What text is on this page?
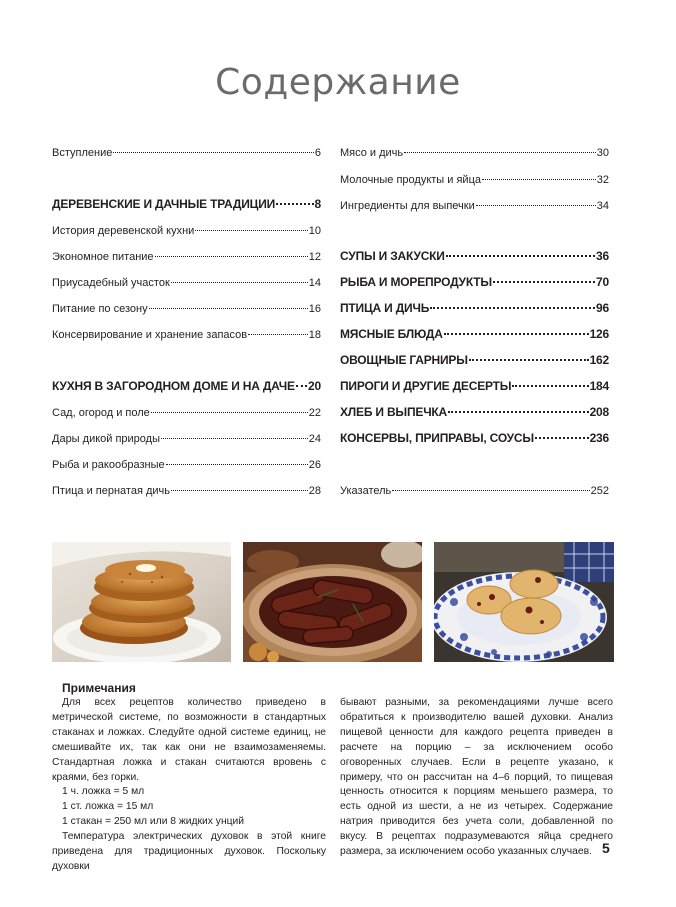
Содержание
Вступление	6
ДЕРЕВЕНСКИЕ И ДАЧНЫЕ ТРАДИЦИИ	8
История деревенской кухни	10
Экономное питание	12
Приусадебный участок	14
Питание по сезону	16
Консервирование и хранение запасов	18
КУХНЯ В ЗАГОРОДНОМ ДОМЕ И НА ДАЧЕ 20
Сад, огород и поле	22
Дары дикой природы	24
Рыба и ракообразные	26
Птица и пернатая дичь	28
Мясо и дичь	30
Молочные продукты и яйца	32
Ингредиенты для выпечки	34
СУПЫ И ЗАКУСКИ	36
РЫБА И МОРЕПРОДУКТЫ	70
ПТИЦА И ДИЧЬ	96
МЯСНЫЕ БЛЮДА	126
ОВОЩНЫЕ ГАРНИРЫ	162
ПИРОГИ И ДРУГИЕ ДЕСЕРТЫ	184
ХЛЕБ И ВЫПЕЧКА	208
КОНСЕРВЫ, ПРИПРАВЫ, СОУСЫ	236
Указатель	252
Примечания

Для всех рецептов количество приведено в метрической системе, по возможности в стандартных стаканах и ложках. Следуйте одной системе единиц, не смешивайте их, так как они не взаимозаменяемы. Стандартная ложка и стакан считаются вровень с краями, без горки.

1 ч. ложка = 5 мл

1 ст. ложка = 15 мл

1 стакан = 250 мл или 8 жидких унций

Температура электрических духовок в этой книге приведена для традиционных духовок. Поскольку духовки

бывают разными, за рекомендациями лучше всего обратиться к производителю вашей духовки. Анализ пищевой ценности для каждого рецепта приведен в расчете на порцию – за исключением особо оговоренных случаев. Если в рецепте указано, к примеру, что он рассчитан на 4–6 порций, то пищевая ценность относится к порциям меньшего размера, то есть одной из шести, а не из четырех. Содержание натрия приводится без учета соли, добавленной по вкусу. В рецептах подразумеваются яйца среднего размера, за исключением особо указанных случаев. 5
